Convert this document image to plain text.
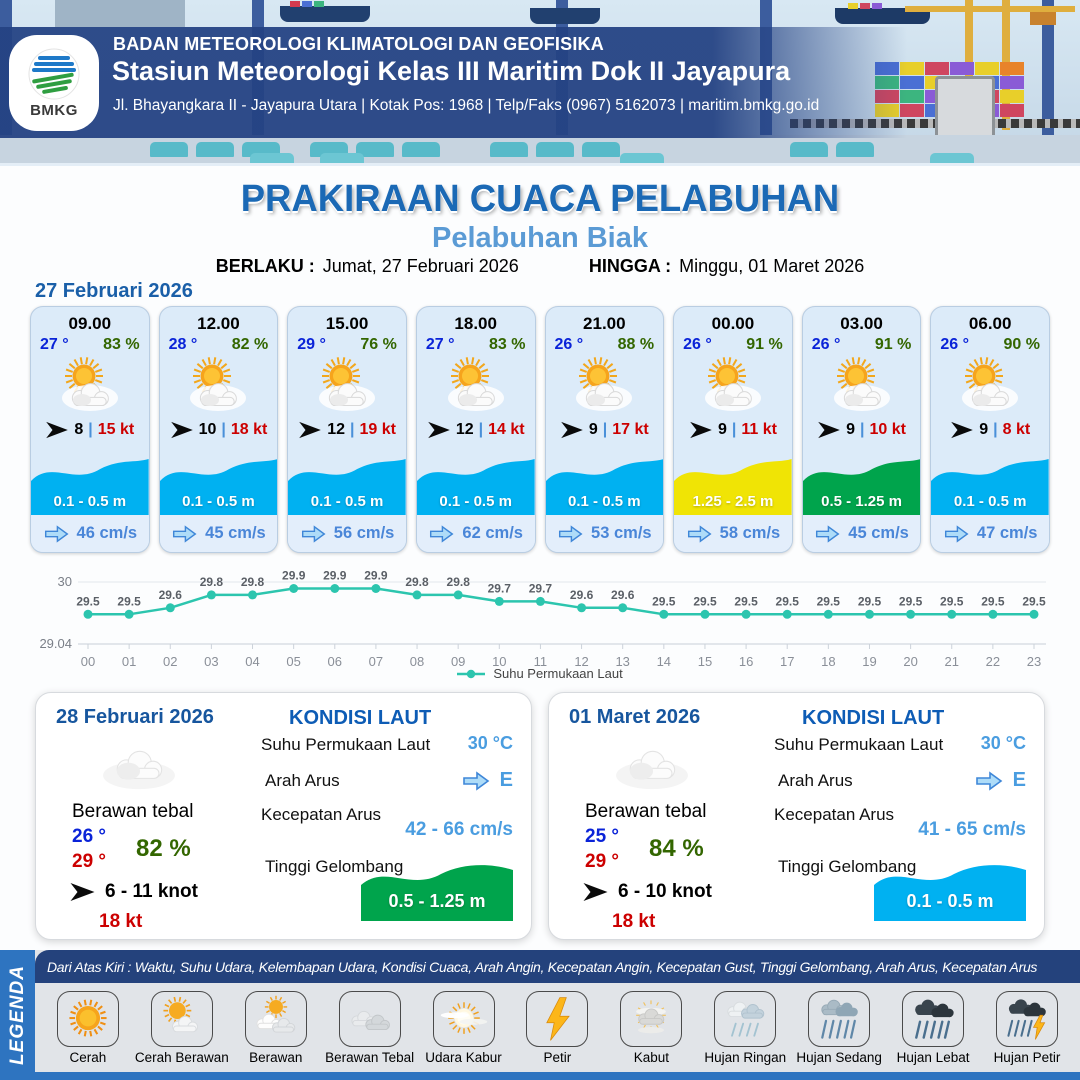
BMKG
BADAN METEOROLOGI KLIMATOLOGI DAN GEOFISIKA
Stasiun Meteorologi Kelas III Maritim Dok II Jayapura
Jl. Bhayangkara II - Jayapura Utara | Kotak Pos: 1968 | Telp/Faks (0967) 5162073 | maritim.bmkg.go.id
PRAKIRAAN CUACA PELABUHAN
Pelabuhan Biak
BERLAKU : Jumat, 27 Februari 2026	HINGGA : Minggu, 01 Maret 2026
27 Februari 2026
09.00
27 ° 83 %
8 | 15 kt
0.1 - 0.5 m
46 cm/s
12.00
28 ° 82 %
10 | 18 kt
0.1 - 0.5 m
45 cm/s
15.00
29 ° 76 %
12 | 19 kt
0.1 - 0.5 m
56 cm/s
18.00
27 ° 83 %
12 | 14 kt
0.1 - 0.5 m
62 cm/s
21.00
26 ° 88 %
9 | 17 kt
0.1 - 0.5 m
53 cm/s
00.00
26 ° 91 %
9 | 11 kt
1.25 - 2.5 m
58 cm/s
03.00
26 ° 91 %
9 | 10 kt
0.5 - 1.25 m
45 cm/s
06.00
26 ° 90 %
9 | 8 kt
0.1 - 0.5 m
47 cm/s
30
29.04
00 01 02 03 04 05 06 07 08 09 10 11 12 13 14 15 16 17 18 19 20 21 22 23
29.5 29.5 29.6
29.8 29.8 29.9 29.9 29.9 29.8 29.8 29.7 29.7 29.6 29.6 29.5 29.5 29.5 29.5 29.5 29.5 29.5 29.5 29.5 29.5
Suhu Permukaan Laut
28 Februari 2026
Berawan tebal
26 °
29 ° 82 %
6 - 11 knot
18 kt
KONDISI LAUT
Suhu Permukaan Laut 30 °C
Arah Arus	E
Kecepatan Arus
42 - 66 cm/s
Tinggi Gelombang
0.5 - 1.25 m
01 Maret 2026
Berawan tebal
25 °
29 ° 84 %
6 - 10 knot
18 kt
KONDISI LAUT
Suhu Permukaan Laut 30 °C
Arah Arus	E
Kecepatan Arus
41 - 65 cm/s
Tinggi Gelombang
0.1 - 0.5 m
LEGENDA	Dari Atas Kiri : Waktu, Suhu Udara, Kelembapan Udara, Kondisi Cuaca, Arah Angin, Kecepatan Angin, Kecepatan Gust, Tinggi Gelombang, Arah Arus, Kecepatan Arus
Cerah Cerah Berawan Berawan Berawan Tebal Udara Kabur	Petir	Kabut	Hujan Ringan Hujan Sedang Hujan Lebat Hujan Petir
